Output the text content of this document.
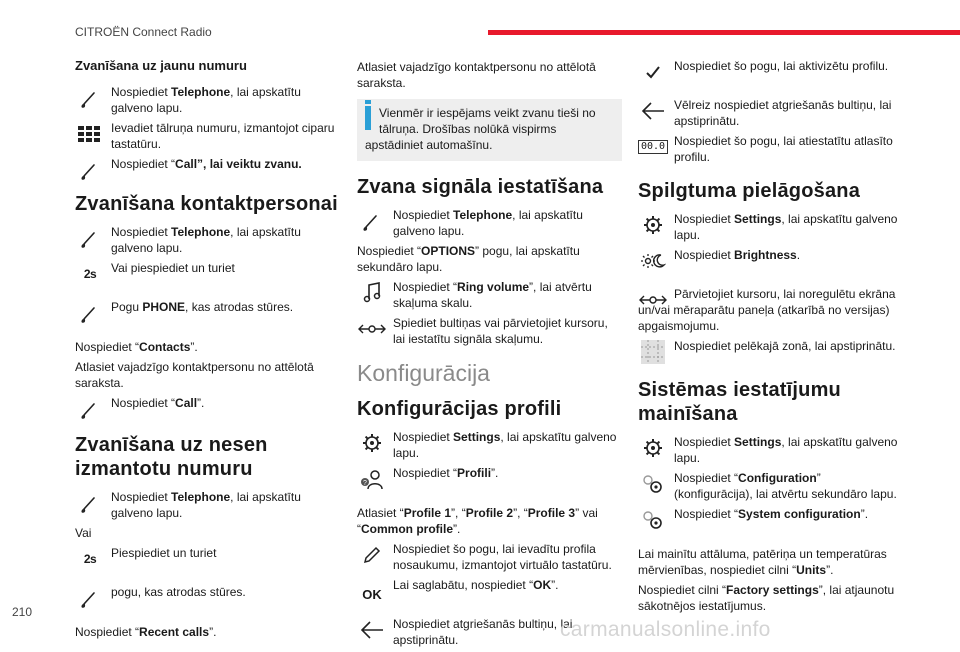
CITROËN Connect Radio
Zvanīšana uz jaunu numuru
Nospiediet Telephone, lai apskatītu galveno lapu.
Ievadiet tālruņa numuru, izmantojot ciparu tastatūru.
Nospiediet “Call”, lai veiktu zvanu.
Zvanīšana kontaktpersonai
Nospiediet Telephone, lai apskatītu galveno lapu.
2s Vai piespiediet un turiet
Pogu PHONE, kas atrodas stūres.
Nospiediet “Contacts”.
Atlasiet vajadzīgo kontaktpersonu no attēlotā saraksta.
Nospiediet “Call”.
Zvanīšana uz nesen izmantotu numuru
Nospiediet Telephone, lai apskatītu galveno lapu.
Vai
2s Piespiediet un turiet
pogu, kas atrodas stūres.
Nospiediet “Recent calls”.
Atlasiet vajadzīgo kontaktpersonu no attēlotā saraksta.
Vienmēr ir iespējams veikt zvanu tieši no tālruņa. Drošības nolūkā vispirms apstādiniet automašīnu.
Zvana signāla iestatīšana
Nospiediet Telephone, lai apskatītu galveno lapu.
Nospiediet “OPTIONS” pogu, lai apskatītu sekundāro lapu.
Nospiediet “Ring volume”, lai atvērtu skaļuma skalu.
Spiediet bultiņas vai pārvietojiet kursoru, lai iestatītu signāla skaļumu.
Konfigurācija
Konfigurācijas profili
Nospiediet Settings, lai apskatītu galveno lapu.
?
Nospiediet “Profili”.
Atlasiet “Profile 1”, “Profile 2”, “Profile 3” vai “Common profile”.
Nospiediet šo pogu, lai ievadītu profila nosaukumu, izmantojot virtuālo tastatūru.
OK
Lai saglabātu, nospiediet “OK”.
Nospiediet atgriešanās bultiņu, lai apstiprinātu.
Nospiediet šo pogu, lai aktivizētu profilu.
Vēlreiz nospiediet atgriešanās bultiņu, lai apstiprinātu.
00.0 Nospiediet šo pogu, lai atiestatītu atlasīto profilu.
Spilgtuma pielāgošana
Nospiediet Settings, lai apskatītu galveno lapu.
Nospiediet Brightness.
Pārvietojiet kursoru, lai noregulētu ekrāna un/vai mēraparātu paneļa (atkarībā no versijas) apgaismojumu.
Nospiediet pelēkajā zonā, lai apstiprinātu.
Sistēmas iestatījumu mainīšana
Nospiediet Settings, lai apskatītu galveno lapu.
Nospiediet “Configuration” (konfigurācija), lai atvērtu sekundāro lapu.
Nospiediet “System configuration”.
Lai mainītu attāluma, patēriņa un temperatūras mērvienības, nospiediet cilni “Units”.
Nospiediet cilni “Factory settings”, lai atjaunotu sākotnējos iestatījumus.
210
carmanualsonline.info
